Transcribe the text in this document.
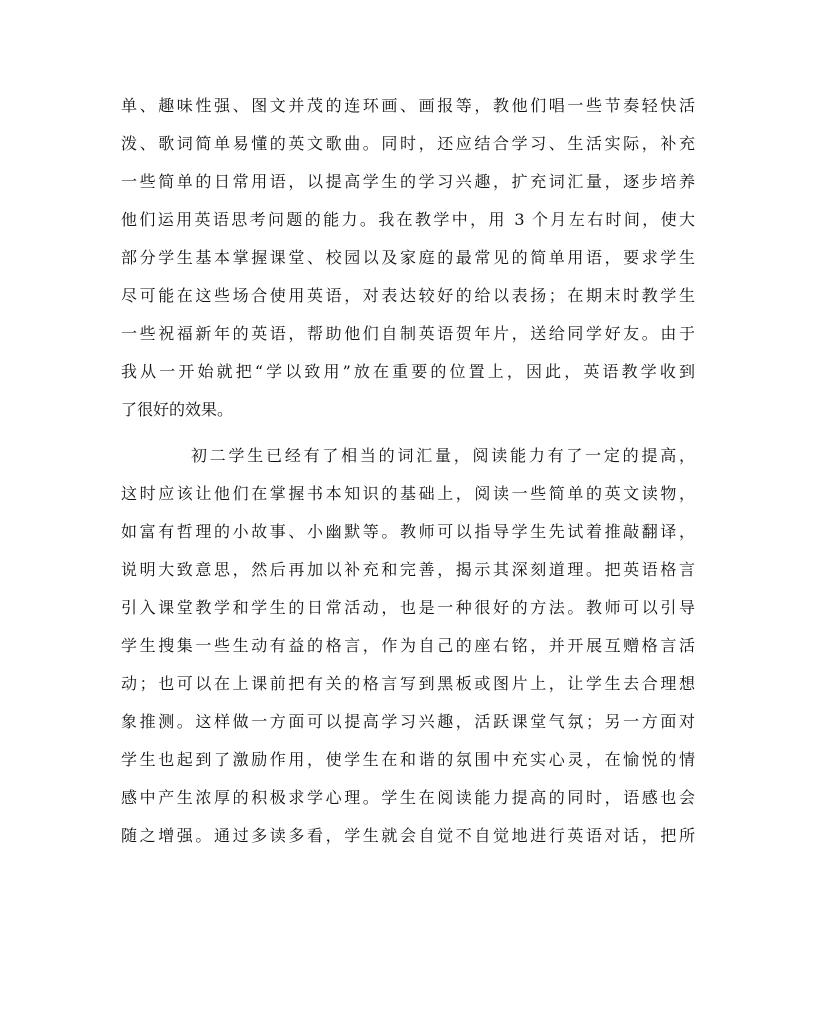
单、趣味性强、图文并茂的连环画、画报等，教他们唱一些节奏轻快活
泼、歌词简单易懂的英文歌曲。同时，还应结合学习、生活实际，补充
一些简单的日常用语，以提高学生的学习兴趣，扩充词汇量，逐步培养
他们运用英语思考问题的能力。我在教学中，用 3 个月左右时间，使大
部分学生基本掌握课堂、校园以及家庭的最常见的简单用语，要求学生
尽可能在这些场合使用英语，对表达较好的给以表扬；在期末时教学生
一些祝福新年的英语，帮助他们自制英语贺年片，送给同学好友。由于
我从一开始就把“学以致用”放在重要的位置上，因此，英语教学收到
了很好的效果。
初二学生已经有了相当的词汇量，阅读能力有了一定的提高，
这时应该让他们在掌握书本知识的基础上，阅读一些简单的英文读物，
如富有哲理的小故事、小幽默等。教师可以指导学生先试着推敲翻译，
说明大致意思，然后再加以补充和完善，揭示其深刻道理。把英语格言
引入课堂教学和学生的日常活动，也是一种很好的方法。教师可以引导
学生搜集一些生动有益的格言，作为自己的座右铭，并开展互赠格言活
动；也可以在上课前把有关的格言写到黑板或图片上，让学生去合理想
象推测。这样做一方面可以提高学习兴趣，活跃课堂气氛；另一方面对
学生也起到了激励作用，使学生在和谐的氛围中充实心灵，在愉悦的情
感中产生浓厚的积极求学心理。学生在阅读能力提高的同时，语感也会
随之增强。通过多读多看，学生就会自觉不自觉地进行英语对话，把所
